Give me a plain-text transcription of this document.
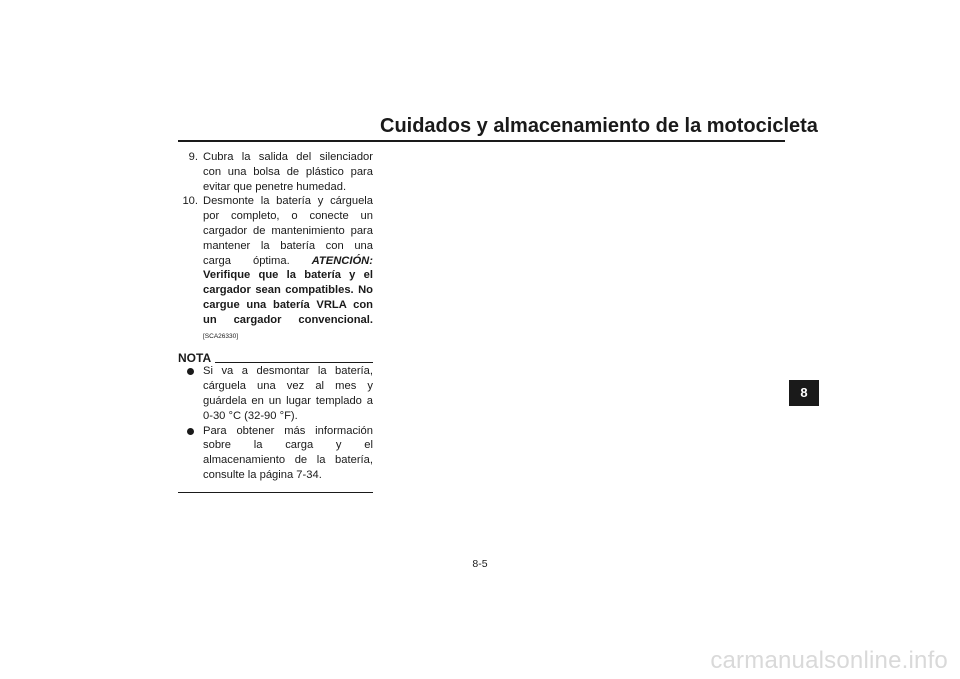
Cuidados y almacenamiento de la motocicleta
9. Cubra la salida del silenciador con una bolsa de plástico para evitar que penetre humedad.
10. Desmonte la batería y cárguela por completo, o conecte un cargador de mantenimiento para mantener la batería con una carga óptima. ATENCIÓN: Verifique que la batería y el cargador sean compatibles. No cargue una batería VRLA con un cargador convencional. [SCA26330]
NOTA
Si va a desmontar la batería, cárguela una vez al mes y guárdela en un lugar templado a 0-30 °C (32-90 °F).
Para obtener más información sobre la carga y el almacenamiento de la batería, consulte la página 7-34.
8
8-5
carmanualsonline.info
